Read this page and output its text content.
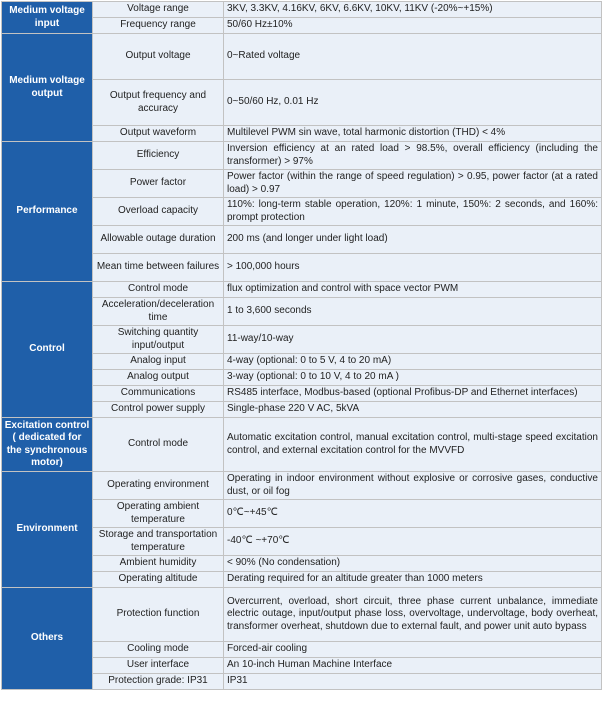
Medium voltage input	Voltage range	3KV, 3.3KV, 4.16KV, 6KV, 6.6KV, 10KV, 11KV (-20%~+15%)
	Frequency range	50/60 Hz±10%
Medium voltage output	Output voltage	0~Rated voltage
	Output frequency and accuracy	0~50/60 Hz, 0.01 Hz
	Output waveform	Multilevel PWM sin wave, total harmonic distortion (THD) < 4%
Performance	Efficiency	Inversion efficiency at an rated load > 98.5%, overall efficiency (including the transformer) > 97%
	Power factor	Power factor (within the range of speed regulation) > 0.95, power factor (at a rated load) > 0.97
	Overload capacity	110%: long-term stable operation, 120%: 1 minute, 150%: 2 seconds, and 160%: prompt protection
	Allowable outage duration	200 ms (and longer under light load)
	Mean time between failures	> 100,000 hours
Control	Control mode	flux optimization and control with space vector PWM
	Acceleration/deceleration time	1 to 3,600 seconds
	Switching quantity input/output	11-way/10-way
	Analog input	4-way (optional: 0 to 5 V, 4 to 20 mA)
	Analog output	3-way (optional: 0 to 10 V, 4 to 20 mA )
	Communications	RS485 interface, Modbus-based (optional Profibus-DP and Ethernet interfaces)
	Control power supply	Single-phase 220 V AC, 5kVA
Excitation control ( dedicated for the synchronous motor)	Control mode	Automatic excitation control, manual excitation control, multi-stage speed excitation control, and external excitation control for the MVVFD
Environment	Operating environment	Operating in indoor environment without explosive or corrosive gases, conductive dust, or oil fog
	Operating ambient temperature	0℃~+45℃
	Storage and transportation temperature	-40℃ ~+70℃
	Ambient humidity	< 90% (No condensation)
	Operating altitude	Derating required for an altitude greater than 1000 meters
Others	Protection function	Overcurrent, overload, short circuit, three phase current unbalance, immediate electric outage, input/output phase loss, overvoltage, undervoltage, body overheat, transformer overheat, shutdown due to external fault, and power unit auto bypass
	Cooling mode	Forced-air cooling
	User interface	An 10-inch Human Machine Interface
	Protection grade: IP31	IP31
